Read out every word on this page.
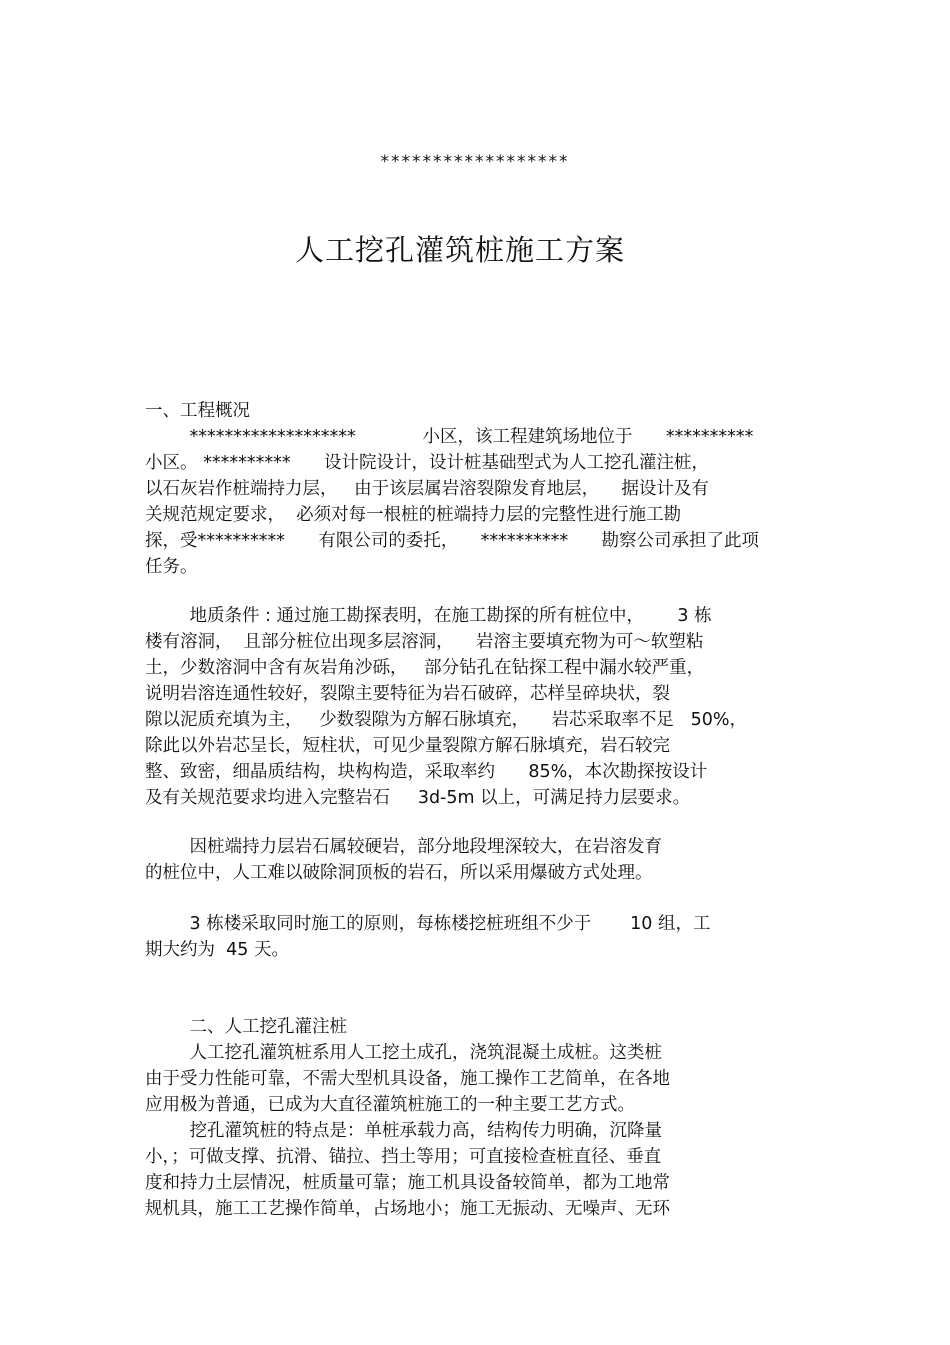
******************
人工挖孔灌筑桩施工方案
一、工程概况
*******************            小区，该工程建筑场地位于      **********
小区。 **********      设计院设计，设计桩基础型式为人工挖孔灌注桩，
以石灰岩作桩端持力层，   由于该层属岩溶裂隙发育地层，    据设计及有
关规范规定要求，  必须对每一根桩的桩端持力层的完整性进行施工勘
探，受**********      有限公司的委托，    **********      勘察公司承担了此项
任务。
地质条件 : 通过施工勘探表明，在施工勘探的所有桩位中，      3 栋
楼有溶洞，  且部分桩位出现多层溶洞，    岩溶主要填充物为可～软塑粘
土，少数溶洞中含有灰岩角沙砾，   部分钻孔在钻探工程中漏水较严重，
说明岩溶连通性较好，裂隙主要特征为岩石破碎，芯样呈碎块状，裂
隙以泥质充填为主，   少数裂隙为方解石脉填充，    岩芯采取率不足   50%，
除此以外岩芯呈长，短柱状，可见少量裂隙方解石脉填充，岩石较完
整、致密，细晶质结构，块构构造，采取率约      85%，本次勘探按设计
及有关规范要求均进入完整岩石     3d-5m 以上，可满足持力层要求。
因桩端持力层岩石属较硬岩，部分地段埋深较大，在岩溶发育
的桩位中，人工难以破除洞顶板的岩石，所以采用爆破方式处理。
3 栋楼采取同时施工的原则，每栋楼挖桩班组不少于       10 组，工
期大约为  45 天。
二、人工挖孔灌注桩
人工挖孔灌筑桩系用人工挖土成孔，浇筑混凝土成桩。这类桩
由于受力性能可靠，不需大型机具设备，施工操作工艺简单，在各地
应用极为普通，已成为大直径灌筑桩施工的一种主要工艺方式。
挖孔灌筑桩的特点是：单桩承载力高，结构传力明确，沉降量
小，；可做支撑、抗滑、锚拉、挡土等用；可直接检查桩直径、垂直
度和持力土层情况，桩质量可靠；施工机具设备较简单，都为工地常
规机具，施工工艺操作简单，占场地小；施工无振动、无噪声、无环
